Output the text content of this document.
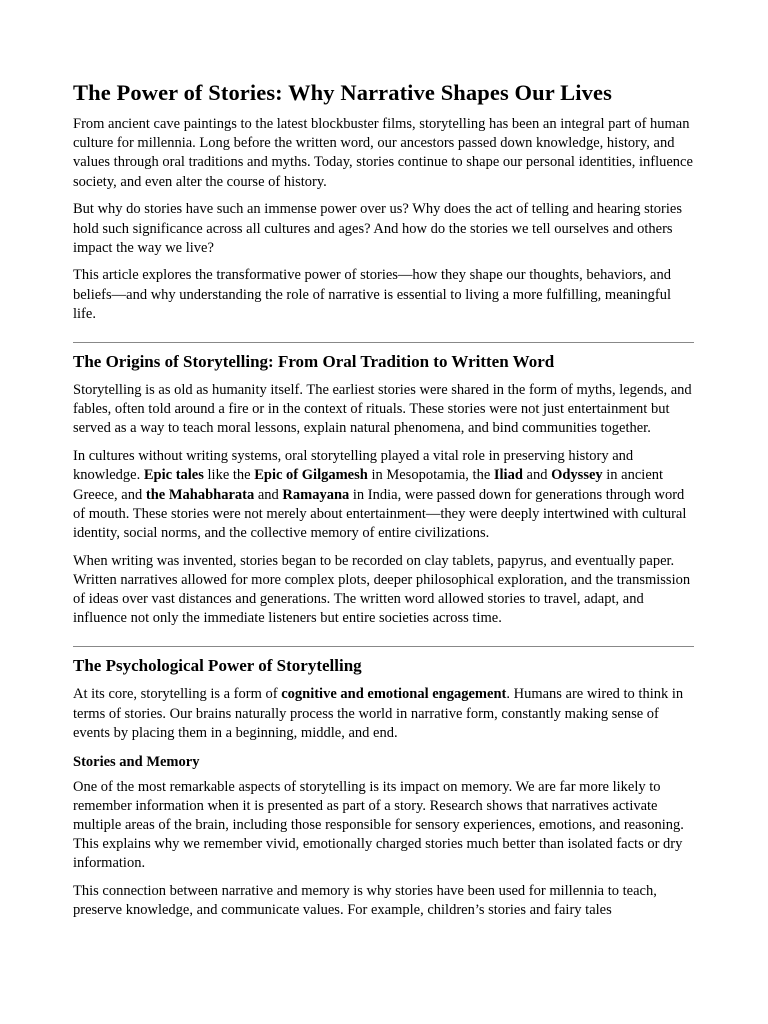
The Power of Stories: Why Narrative Shapes Our Lives

From ancient cave paintings to the latest blockbuster films, storytelling has been an integral part of human culture for millennia. Long before the written word, our ancestors passed down knowledge, history, and values through oral traditions and myths. Today, stories continue to shape our personal identities, influence society, and even alter the course of history.

But why do stories have such an immense power over us? Why does the act of telling and hearing stories hold such significance across all cultures and ages? And how do the stories we tell ourselves and others impact the way we live?

This article explores the transformative power of stories—how they shape our thoughts, behaviors, and beliefs—and why understanding the role of narrative is essential to living a more fulfilling, meaningful life.

The Origins of Storytelling: From Oral Tradition to Written Word

Storytelling is as old as humanity itself. The earliest stories were shared in the form of myths, legends, and fables, often told around a fire or in the context of rituals. These stories were not just entertainment but served as a way to teach moral lessons, explain natural phenomena, and bind communities together.

In cultures without writing systems, oral storytelling played a vital role in preserving history and knowledge. Epic tales like the Epic of Gilgamesh in Mesopotamia, the Iliad and Odyssey in ancient Greece, and the Mahabharata and Ramayana in India, were passed down for generations through word of mouth. These stories were not merely about entertainment—they were deeply intertwined with cultural identity, social norms, and the collective memory of entire civilizations.

When writing was invented, stories began to be recorded on clay tablets, papyrus, and eventually paper. Written narratives allowed for more complex plots, deeper philosophical exploration, and the transmission of ideas over vast distances and generations. The written word allowed stories to travel, adapt, and influence not only the immediate listeners but entire societies across time.

The Psychological Power of Storytelling

At its core, storytelling is a form of cognitive and emotional engagement. Humans are wired to think in terms of stories. Our brains naturally process the world in narrative form, constantly making sense of events by placing them in a beginning, middle, and end.

Stories and Memory

One of the most remarkable aspects of storytelling is its impact on memory. We are far more likely to remember information when it is presented as part of a story. Research shows that narratives activate multiple areas of the brain, including those responsible for sensory experiences, emotions, and reasoning. This explains why we remember vivid, emotionally charged stories much better than isolated facts or dry information.

This connection between narrative and memory is why stories have been used for millennia to teach, preserve knowledge, and communicate values. For example, children’s stories and fairy tales
